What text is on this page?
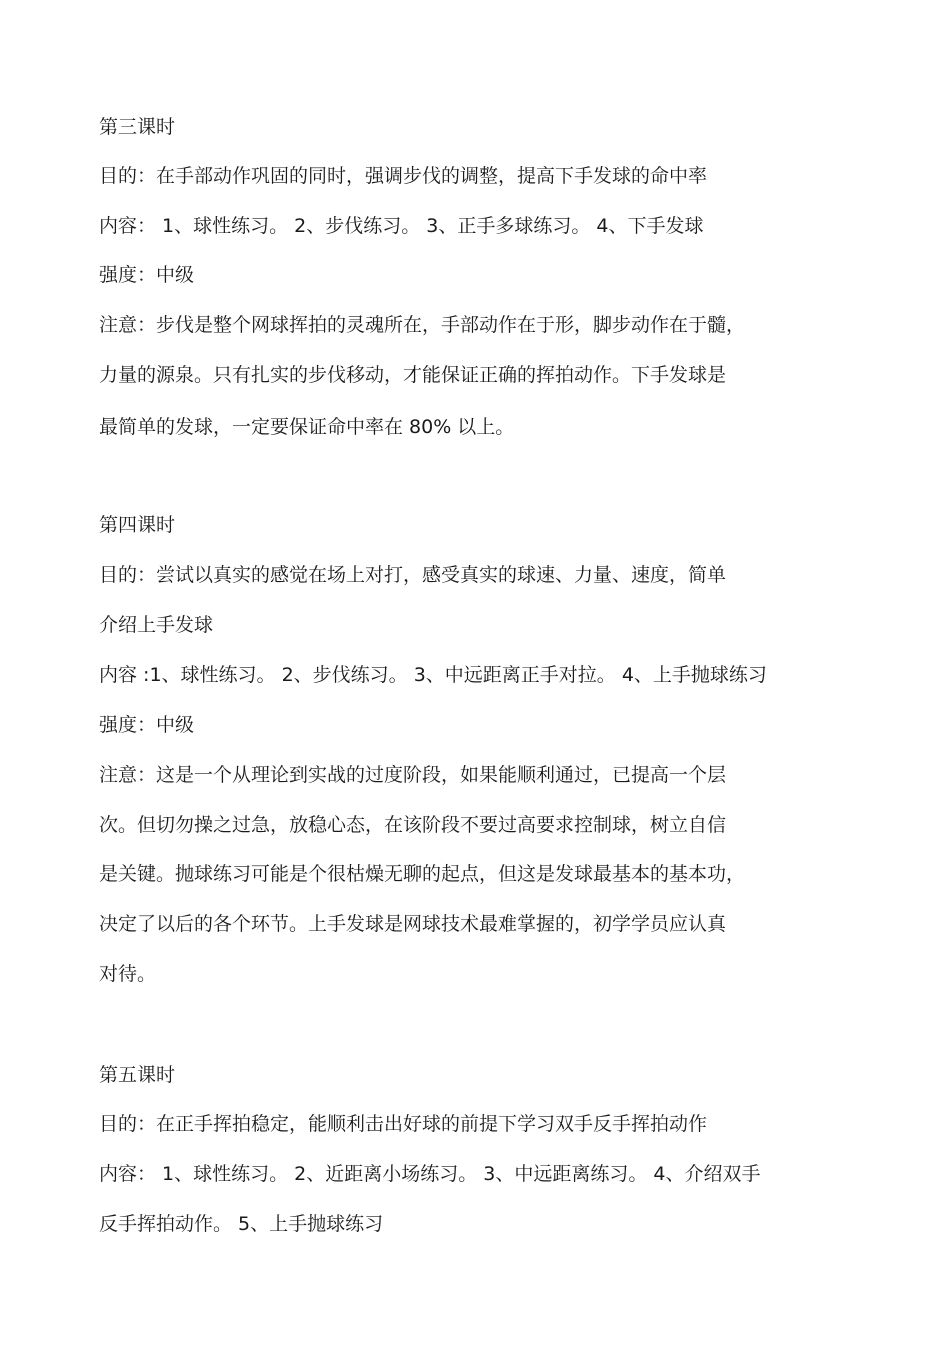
第三课时
目的：在手部动作巩固的同时，强调步伐的调整，提高下手发球的命中率
内容： 1、球性练习。 2、步伐练习。 3、正手多球练习。 4、下手发球
强度：中级
注意：步伐是整个网球挥拍的灵魂所在，手部动作在于形，脚步动作在于髓，
力量的源泉。只有扎实的步伐移动，才能保证正确的挥拍动作。下手发球是
最简单的发球，一定要保证命中率在 80% 以上。
第四课时
目的：尝试以真实的感觉在场上对打，感受真实的球速、力量、速度，简单
介绍上手发球
内容 :1、球性练习。 2、步伐练习。 3、中远距离正手对拉。 4、上手抛球练习
强度：中级
注意：这是一个从理论到实战的过度阶段，如果能顺利通过，已提高一个层
次。但切勿操之过急，放稳心态，在该阶段不要过高要求控制球，树立自信
是关键。抛球练习可能是个很枯燥无聊的起点，但这是发球最基本的基本功，
决定了以后的各个环节。上手发球是网球技术最难掌握的，初学学员应认真
对待。
第五课时
目的：在正手挥拍稳定，能顺利击出好球的前提下学习双手反手挥拍动作
内容： 1、球性练习。 2、近距离小场练习。 3、中远距离练习。 4、介绍双手
反手挥拍动作。 5、上手抛球练习
